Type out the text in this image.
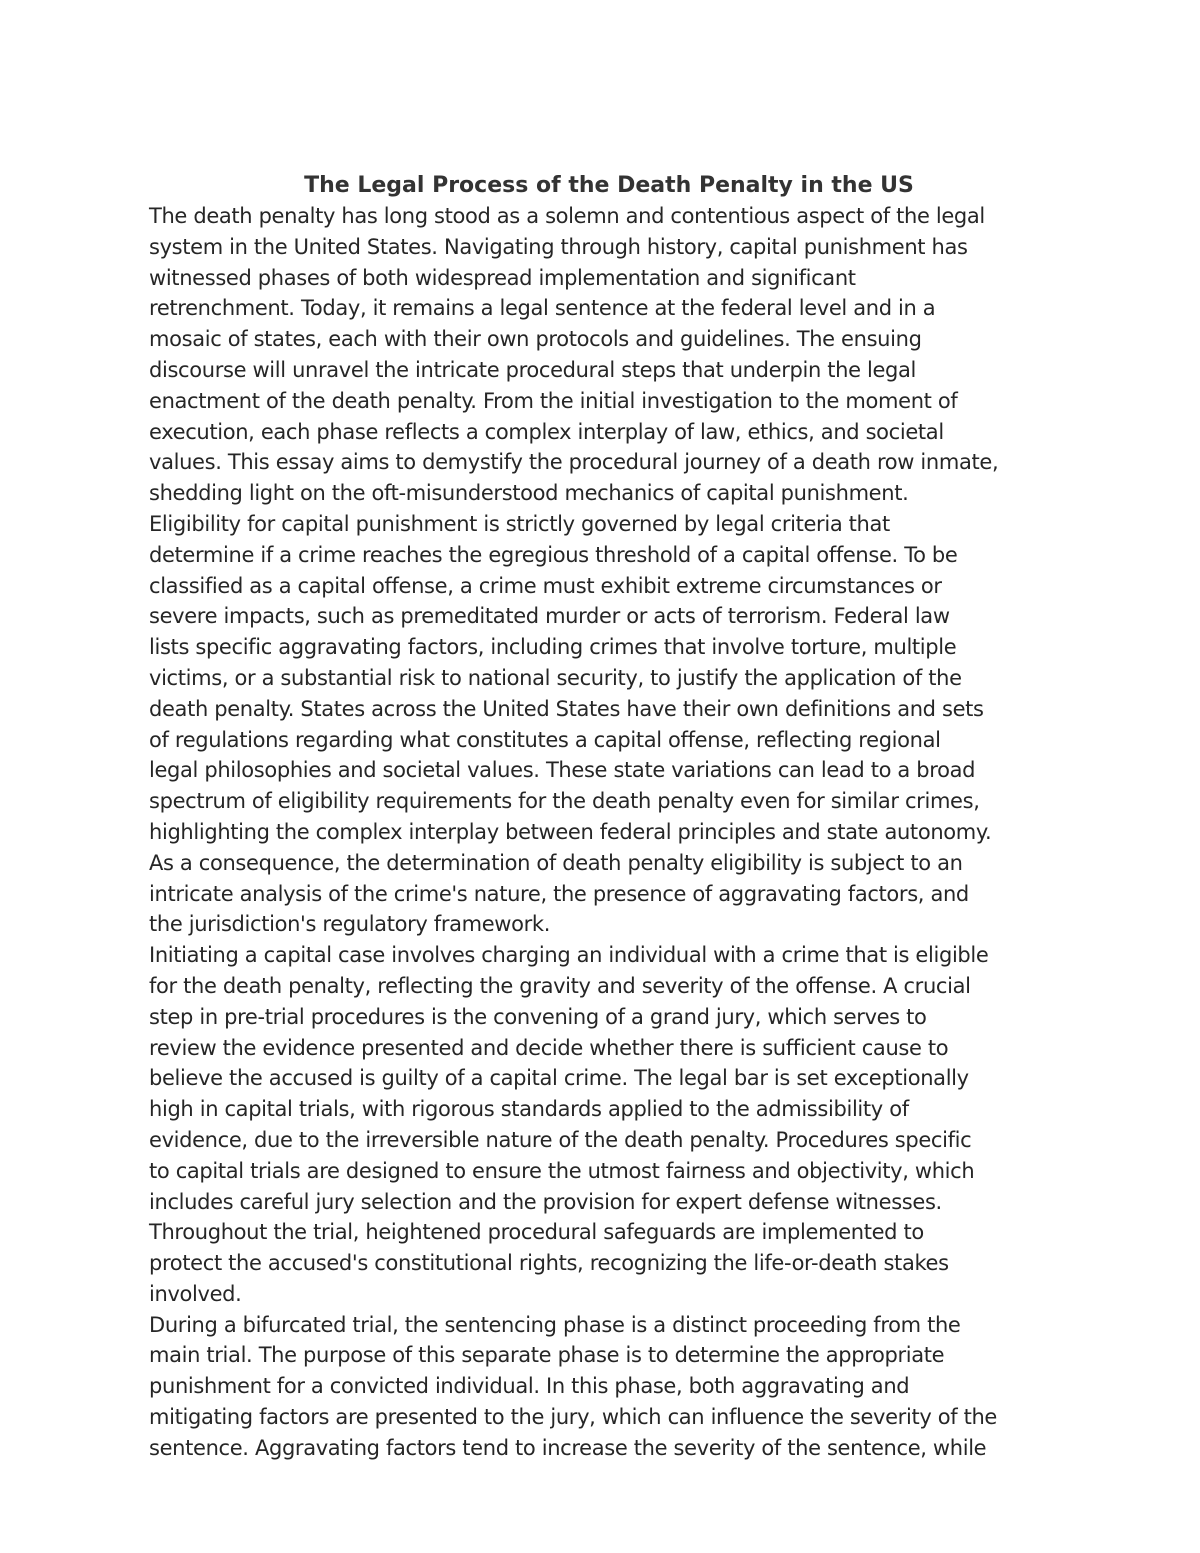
The Legal Process of the Death Penalty in the US

The death penalty has long stood as a solemn and contentious aspect of the legal
system in the United States. Navigating through history, capital punishment has
witnessed phases of both widespread implementation and significant
retrenchment. Today, it remains a legal sentence at the federal level and in a
mosaic of states, each with their own protocols and guidelines. The ensuing
discourse will unravel the intricate procedural steps that underpin the legal
enactment of the death penalty. From the initial investigation to the moment of
execution, each phase reflects a complex interplay of law, ethics, and societal
values. This essay aims to demystify the procedural journey of a death row inmate,
shedding light on the oft-misunderstood mechanics of capital punishment.

Eligibility for capital punishment is strictly governed by legal criteria that
determine if a crime reaches the egregious threshold of a capital offense. To be
classified as a capital offense, a crime must exhibit extreme circumstances or
severe impacts, such as premeditated murder or acts of terrorism. Federal law
lists specific aggravating factors, including crimes that involve torture, multiple
victims, or a substantial risk to national security, to justify the application of the
death penalty. States across the United States have their own definitions and sets
of regulations regarding what constitutes a capital offense, reflecting regional
legal philosophies and societal values. These state variations can lead to a broad
spectrum of eligibility requirements for the death penalty even for similar crimes,
highlighting the complex interplay between federal principles and state autonomy.
As a consequence, the determination of death penalty eligibility is subject to an
intricate analysis of the crime's nature, the presence of aggravating factors, and
the jurisdiction's regulatory framework.

Initiating a capital case involves charging an individual with a crime that is eligible
for the death penalty, reflecting the gravity and severity of the offense. A crucial
step in pre-trial procedures is the convening of a grand jury, which serves to
review the evidence presented and decide whether there is sufficient cause to
believe the accused is guilty of a capital crime. The legal bar is set exceptionally
high in capital trials, with rigorous standards applied to the admissibility of
evidence, due to the irreversible nature of the death penalty. Procedures specific
to capital trials are designed to ensure the utmost fairness and objectivity, which
includes careful jury selection and the provision for expert defense witnesses.
Throughout the trial, heightened procedural safeguards are implemented to
protect the accused's constitutional rights, recognizing the life-or-death stakes
involved.

During a bifurcated trial, the sentencing phase is a distinct proceeding from the
main trial. The purpose of this separate phase is to determine the appropriate
punishment for a convicted individual. In this phase, both aggravating and
mitigating factors are presented to the jury, which can influence the severity of the
sentence. Aggravating factors tend to increase the severity of the sentence, while
